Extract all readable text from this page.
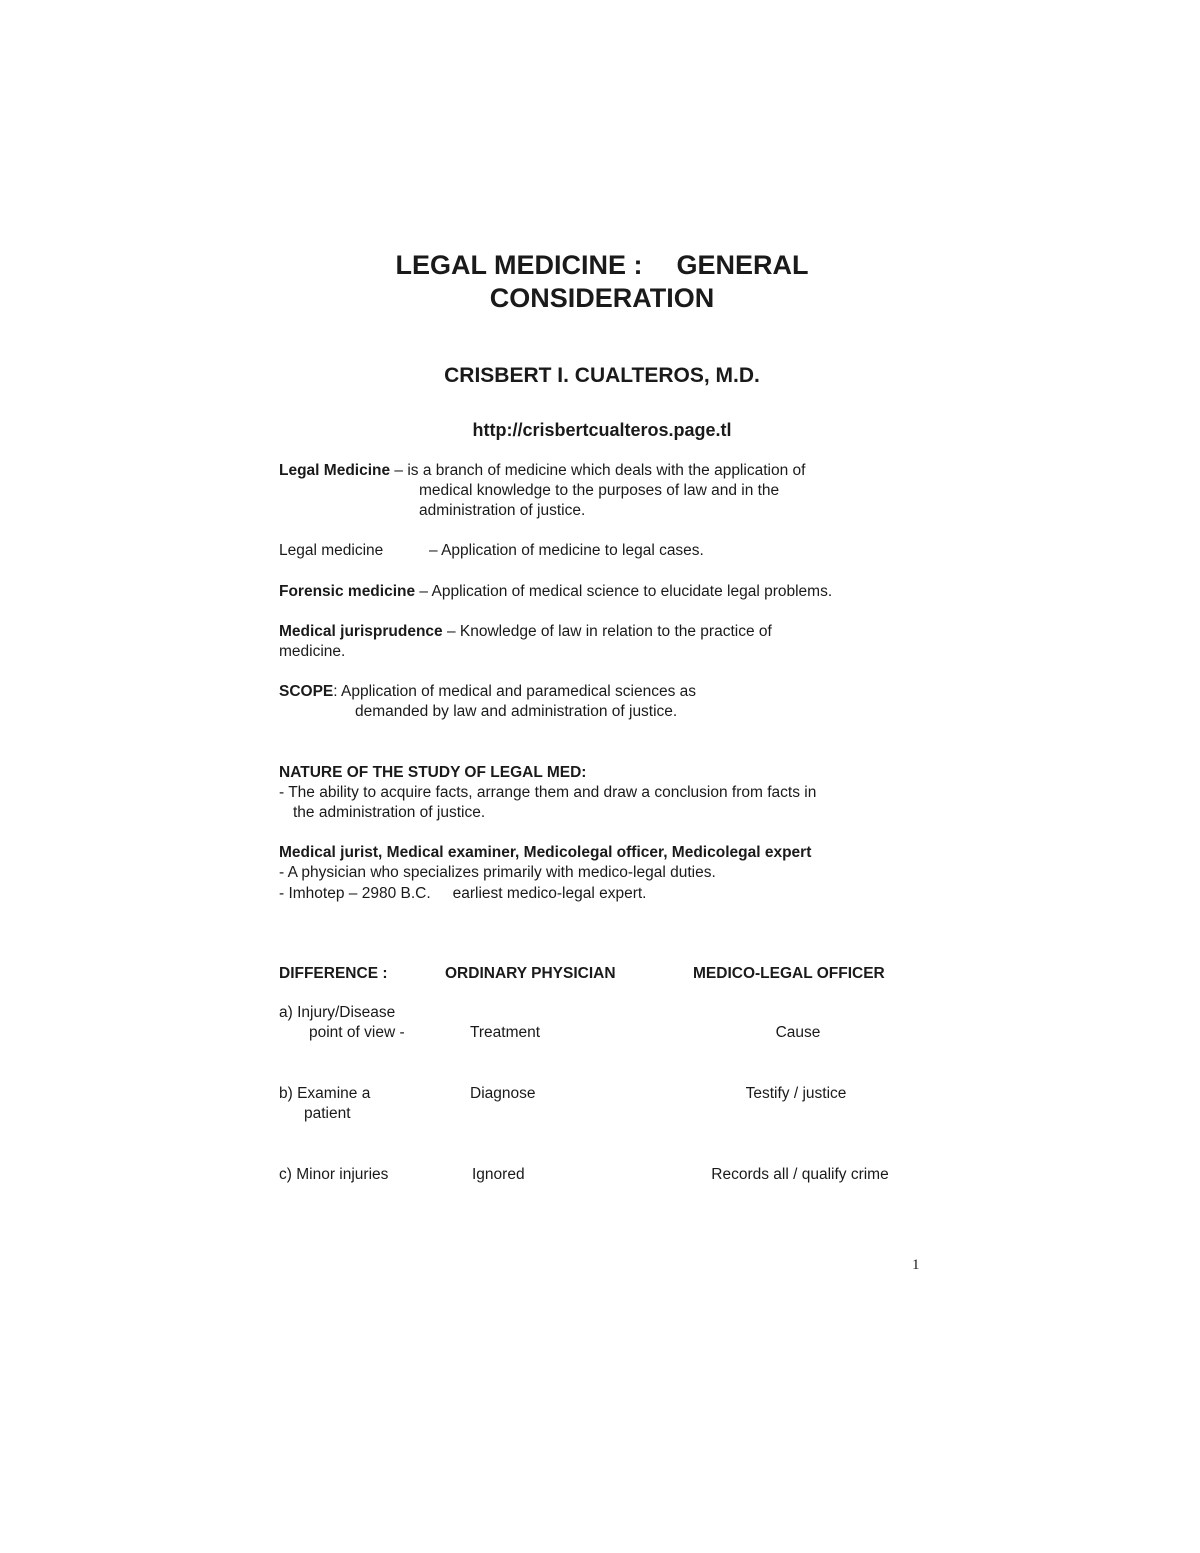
LEGAL MEDICINE : GENERAL
CONSIDERATION
CRISBERT I. CUALTEROS, M.D.
http://crisbertcualteros.page.tl
Legal Medicine – is a branch of medicine which deals with the application of
medical knowledge to the purposes of law and in the
administration of justice.
Legal medicine	– Application of medicine to legal cases.
Forensic medicine – Application of medical science to elucidate legal problems.
Medical jurisprudence – Knowledge of law in relation to the practice of
medicine.
SCOPE: Application of medical and paramedical sciences as
demanded by law and administration of justice.
NATURE OF THE STUDY OF LEGAL MED:
- The ability to acquire facts, arrange them and draw a conclusion from facts in
the administration of justice.
Medical jurist, Medical examiner, Medicolegal officer, Medicolegal expert
- A physician who specializes primarily with medico-legal duties.
- Imhotep – 2980 B.C. earliest medico-legal expert.
DIFFERENCE :	ORDINARY PHYSICIAN	MEDICO-LEGAL OFFICER
a) Injury/Disease
point of view -	Treatment	Cause
b) Examine a
patient
Diagnose	Testify / justice
c) Minor injuries	Ignored	Records all / qualify crime
1
